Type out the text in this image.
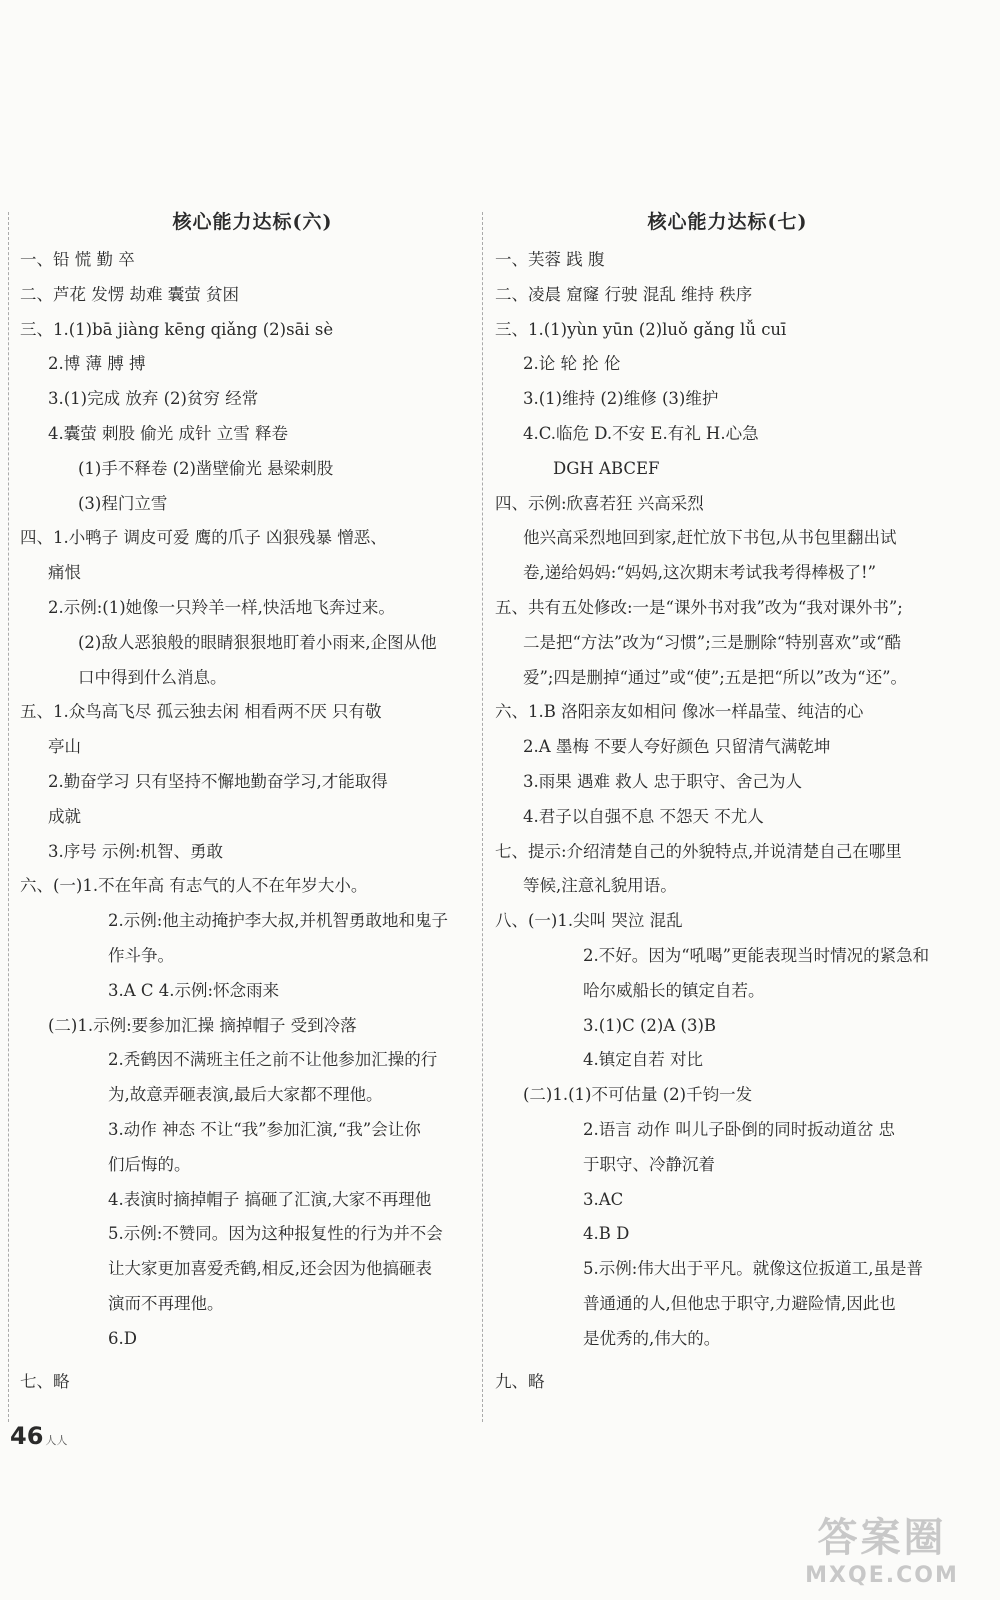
核心能力达标(六)
一、铅 慌 勤 卒
二、芦花 发愣 劫难 囊萤 贫困
三、1.(1)bā jiàng kēng qiǎng (2)sāi sè
2.博 薄 膊 搏
3.(1)完成 放弃 (2)贫穷 经常
4.囊萤 刺股 偷光 成针 立雪 释卷
(1)手不释卷 (2)凿壁偷光 悬梁刺股
(3)程门立雪
四、1.小鸭子 调皮可爱 鹰的爪子 凶狠残暴 憎恶、
痛恨
2.示例:(1)她像一只羚羊一样,快活地飞奔过来。
(2)敌人恶狼般的眼睛狠狠地盯着小雨来,企图从他
口中得到什么消息。
五、1.众鸟高飞尽 孤云独去闲 相看两不厌 只有敬
亭山
2.勤奋学习 只有坚持不懈地勤奋学习,才能取得
成就
3.序号 示例:机智、勇敢
六、(一)1.不在年高 有志气的人不在年岁大小。
2.示例:他主动掩护李大叔,并机智勇敢地和鬼子
作斗争。
3.A C 4.示例:怀念雨来
(二)1.示例:要参加汇操 摘掉帽子 受到冷落
2.秃鹤因不满班主任之前不让他参加汇操的行
为,故意弄砸表演,最后大家都不理他。
3.动作 神态 不让“我”参加汇演,“我”会让你
们后悔的。
4.表演时摘掉帽子 搞砸了汇演,大家不再理他
5.示例:不赞同。因为这种报复性的行为并不会
让大家更加喜爱秃鹤,相反,还会因为他搞砸表
演而不再理他。
6.D
七、略
核心能力达标(七)
一、芙蓉 践 腹
二、凌晨 窟窿 行驶 混乱 维持 秩序
三、1.(1)yùn yūn (2)luǒ gǎng lǚ cuī
2.论 轮 抡 伦
3.(1)维持 (2)维修 (3)维护
4.C.临危 D.不安 E.有礼 H.心急
DGH ABCEF
四、示例:欣喜若狂 兴高采烈
他兴高采烈地回到家,赶忙放下书包,从书包里翻出试
卷,递给妈妈:“妈妈,这次期末考试我考得棒极了!”
五、共有五处修改:一是“课外书对我”改为“我对课外书”;
二是把“方法”改为“习惯”;三是删除“特别喜欢”或“酷
爱”;四是删掉“通过”或“使”;五是把“所以”改为“还”。
六、1.B 洛阳亲友如相问 像冰一样晶莹、纯洁的心
2.A 墨梅 不要人夸好颜色 只留清气满乾坤
3.雨果 遇难 救人 忠于职守、舍己为人
4.君子以自强不息 不怨天 不尤人
七、提示:介绍清楚自己的外貌特点,并说清楚自己在哪里
等候,注意礼貌用语。
八、(一)1.尖叫 哭泣 混乱
2.不好。因为“吼喝”更能表现当时情况的紧急和
哈尔威船长的镇定自若。
3.(1)C (2)A (3)B
4.镇定自若 对比
(二)1.(1)不可估量 (2)千钧一发
2.语言 动作 叫儿子卧倒的同时扳动道岔 忠
于职守、冷静沉着
3.AC
4.B D
5.示例:伟大出于平凡。就像这位扳道工,虽是普
普通通的人,但他忠于职守,力避险情,因此也
是优秀的,伟大的。
九、略
46 人人
答案圈
MXQE.COM
